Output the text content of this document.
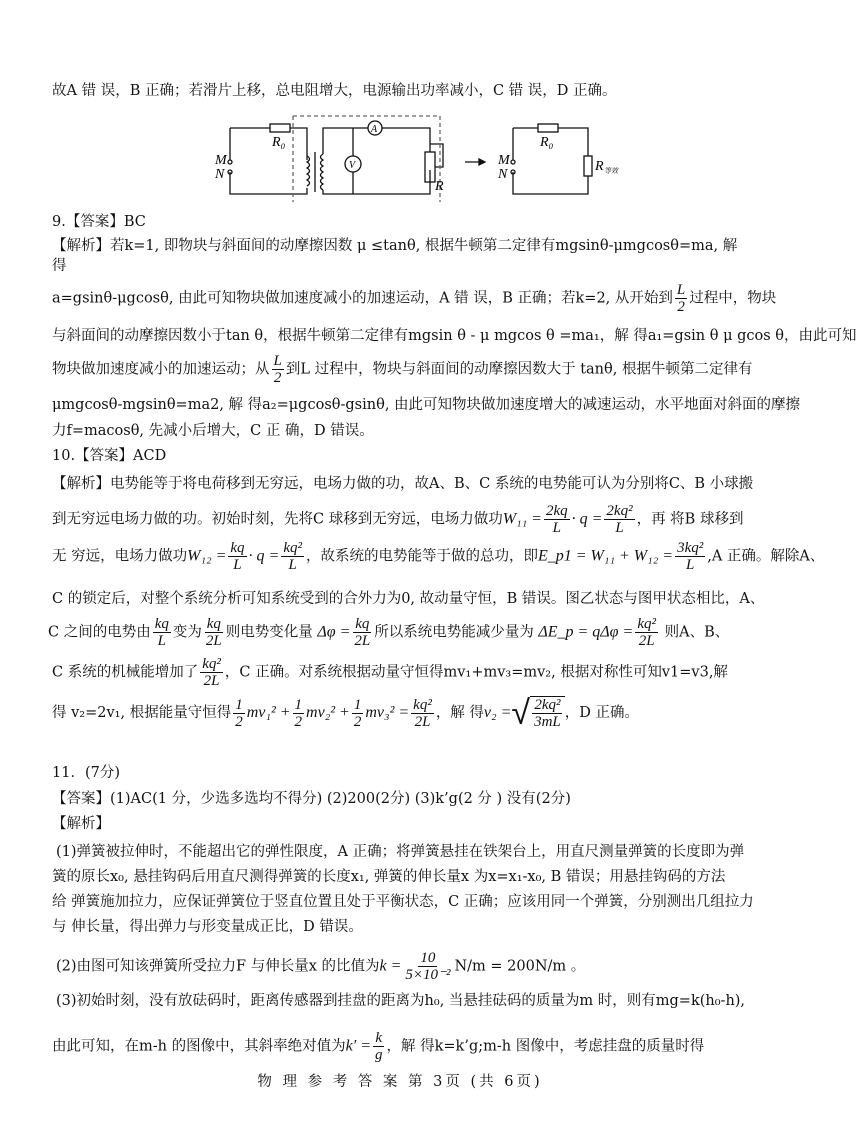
故A 错 误，B 正确；若滑片上移，总电阻增大，电源输出功率减小，C 错 误，D 正确。
M
N
R₀
A
V
R
M
N
R₀
R 等效
9.【答案】BC
【解析】若k=1, 即物块与斜面间的动摩擦因数 μ ≤tanθ, 根据牛顿第二定律有mgsinθ-μmgcosθ=ma, 解
得
a=gsinθ-μgcosθ, 由此可知物块做加速度减小的加速运动，A 错 误，B 正确；若k=2, 从开始到 $\frac{L}{2}$ 过程中，物块
与斜面间的动摩擦因数小于tan θ，根据牛顿第二定律有mgsin θ - μ mgcos θ =ma₁，解 得a₁=gsin θ μ gcos θ，由此可知
物块做加速度减小的加速运动；从 $\frac{L}{2}$ 到L 过程中，物块与斜面间的动摩擦因数大于 tanθ, 根据牛顿第二定律有
μmgcosθ-mgsinθ=ma2, 解 得a₂=μgcosθ-gsinθ, 由此可知物块做加速度增大的减速运动，水平地面对斜面的摩擦
力f=macosθ, 先减小后增大，C 正 确，D 错误。
10.【答案】ACD
【解析】电势能等于将电荷移到无穷远，电场力做的功，故A、B、C 系统的电势能可认为分别将C、B 小球搬
到无穷远电场力做的功。初始时刻，先将C 球移到无穷远，电场力做功$W_{11} = \frac{2kq}{L} \cdot q = \frac{\text{2kq²}}{L}$ ，再 将B 球移到
无 穷远，电场力做功$W_{12} = \frac{kq}{L} \cdot q = \frac{\text{kq²}}{L}$ ，故系统的电势能等于做的总功，即E_p1 = $W_{11} + W_{12} = \frac{\text{3kq²}}{L} ,A$ 正确。解除A、
C 的锁定后，对整个系统分析可知系统受到的合外力为0, 故动量守恒，B 错误。图乙状态与图甲状态相比，A、
C 之间的电势由 $\frac{kq}{L}$ 变为 $\frac{kq}{2L}$ 则电势变化量 $\Delta\varphi = \frac{kq}{2L}$ 所以系统电势能减少量为 ΔE_p = $q\Delta\varphi = \frac{\text{kq²}}{2L}$ 则A、B、
C 系统的机械能增加了 $\frac{\text{kq²}}{2L}$ ，C 正确。对系统根据动量守恒得mv₁+mv₃=mv₂, 根据对称性可知v1=v3,解
得 v₂=2v₁, 根据能量守恒得 $\frac{1}{2} mv_1^2 + \frac{1}{2} mv_2^2 + \frac{1}{2} mv_3^2 = \frac{\text{kq²}}{2L}$ ，解 得v₂ = √ $\frac{\text{2kq²}}{3mL}$ ，D 正确。
11．(7分)
【答案】(1)AC(1 分，少选多选均不得分) (2)200(2分) (3)k’g(2 分 ) 没有(2分)
【解析】
(1)弹簧被拉伸时，不能超出它的弹性限度，A 正确；将弹簧悬挂在铁架台上，用直尺测量弹簧的长度即为弹
簧的原长x₀, 悬挂钩码后用直尺测得弹簧的长度x₁, 弹簧的伸长量x 为x=x₁-x₀, B 错误；用悬挂钩码的方法
给 弹簧施加拉力，应保证弹簧位于竖直位置且处于平衡状态，C 正确；应该用同一个弹簧，分别测出几组拉力
与 伸长量，得出弹力与形变量成正比，D 错误。
(2)由图可知该弹簧所受拉力F 与伸长量x 的比值为$k = \frac{10}{\text{5×10⁻²}} N/m = 200N/m$ 。
(3)初始时刻，没有放砝码时，距离传感器到挂盘的距离为h₀, 当悬挂砝码的质量为m 时，则有mg=k(h₀-h),
由此可知，在m-h 的图像中，其斜率绝对值为$k' = \frac{k}{g}$ ，解 得k=k’g;m-h 图像中，考虑挂盘的质量时得
物 理 参 考 答 案 第 3页 (共 6页)
